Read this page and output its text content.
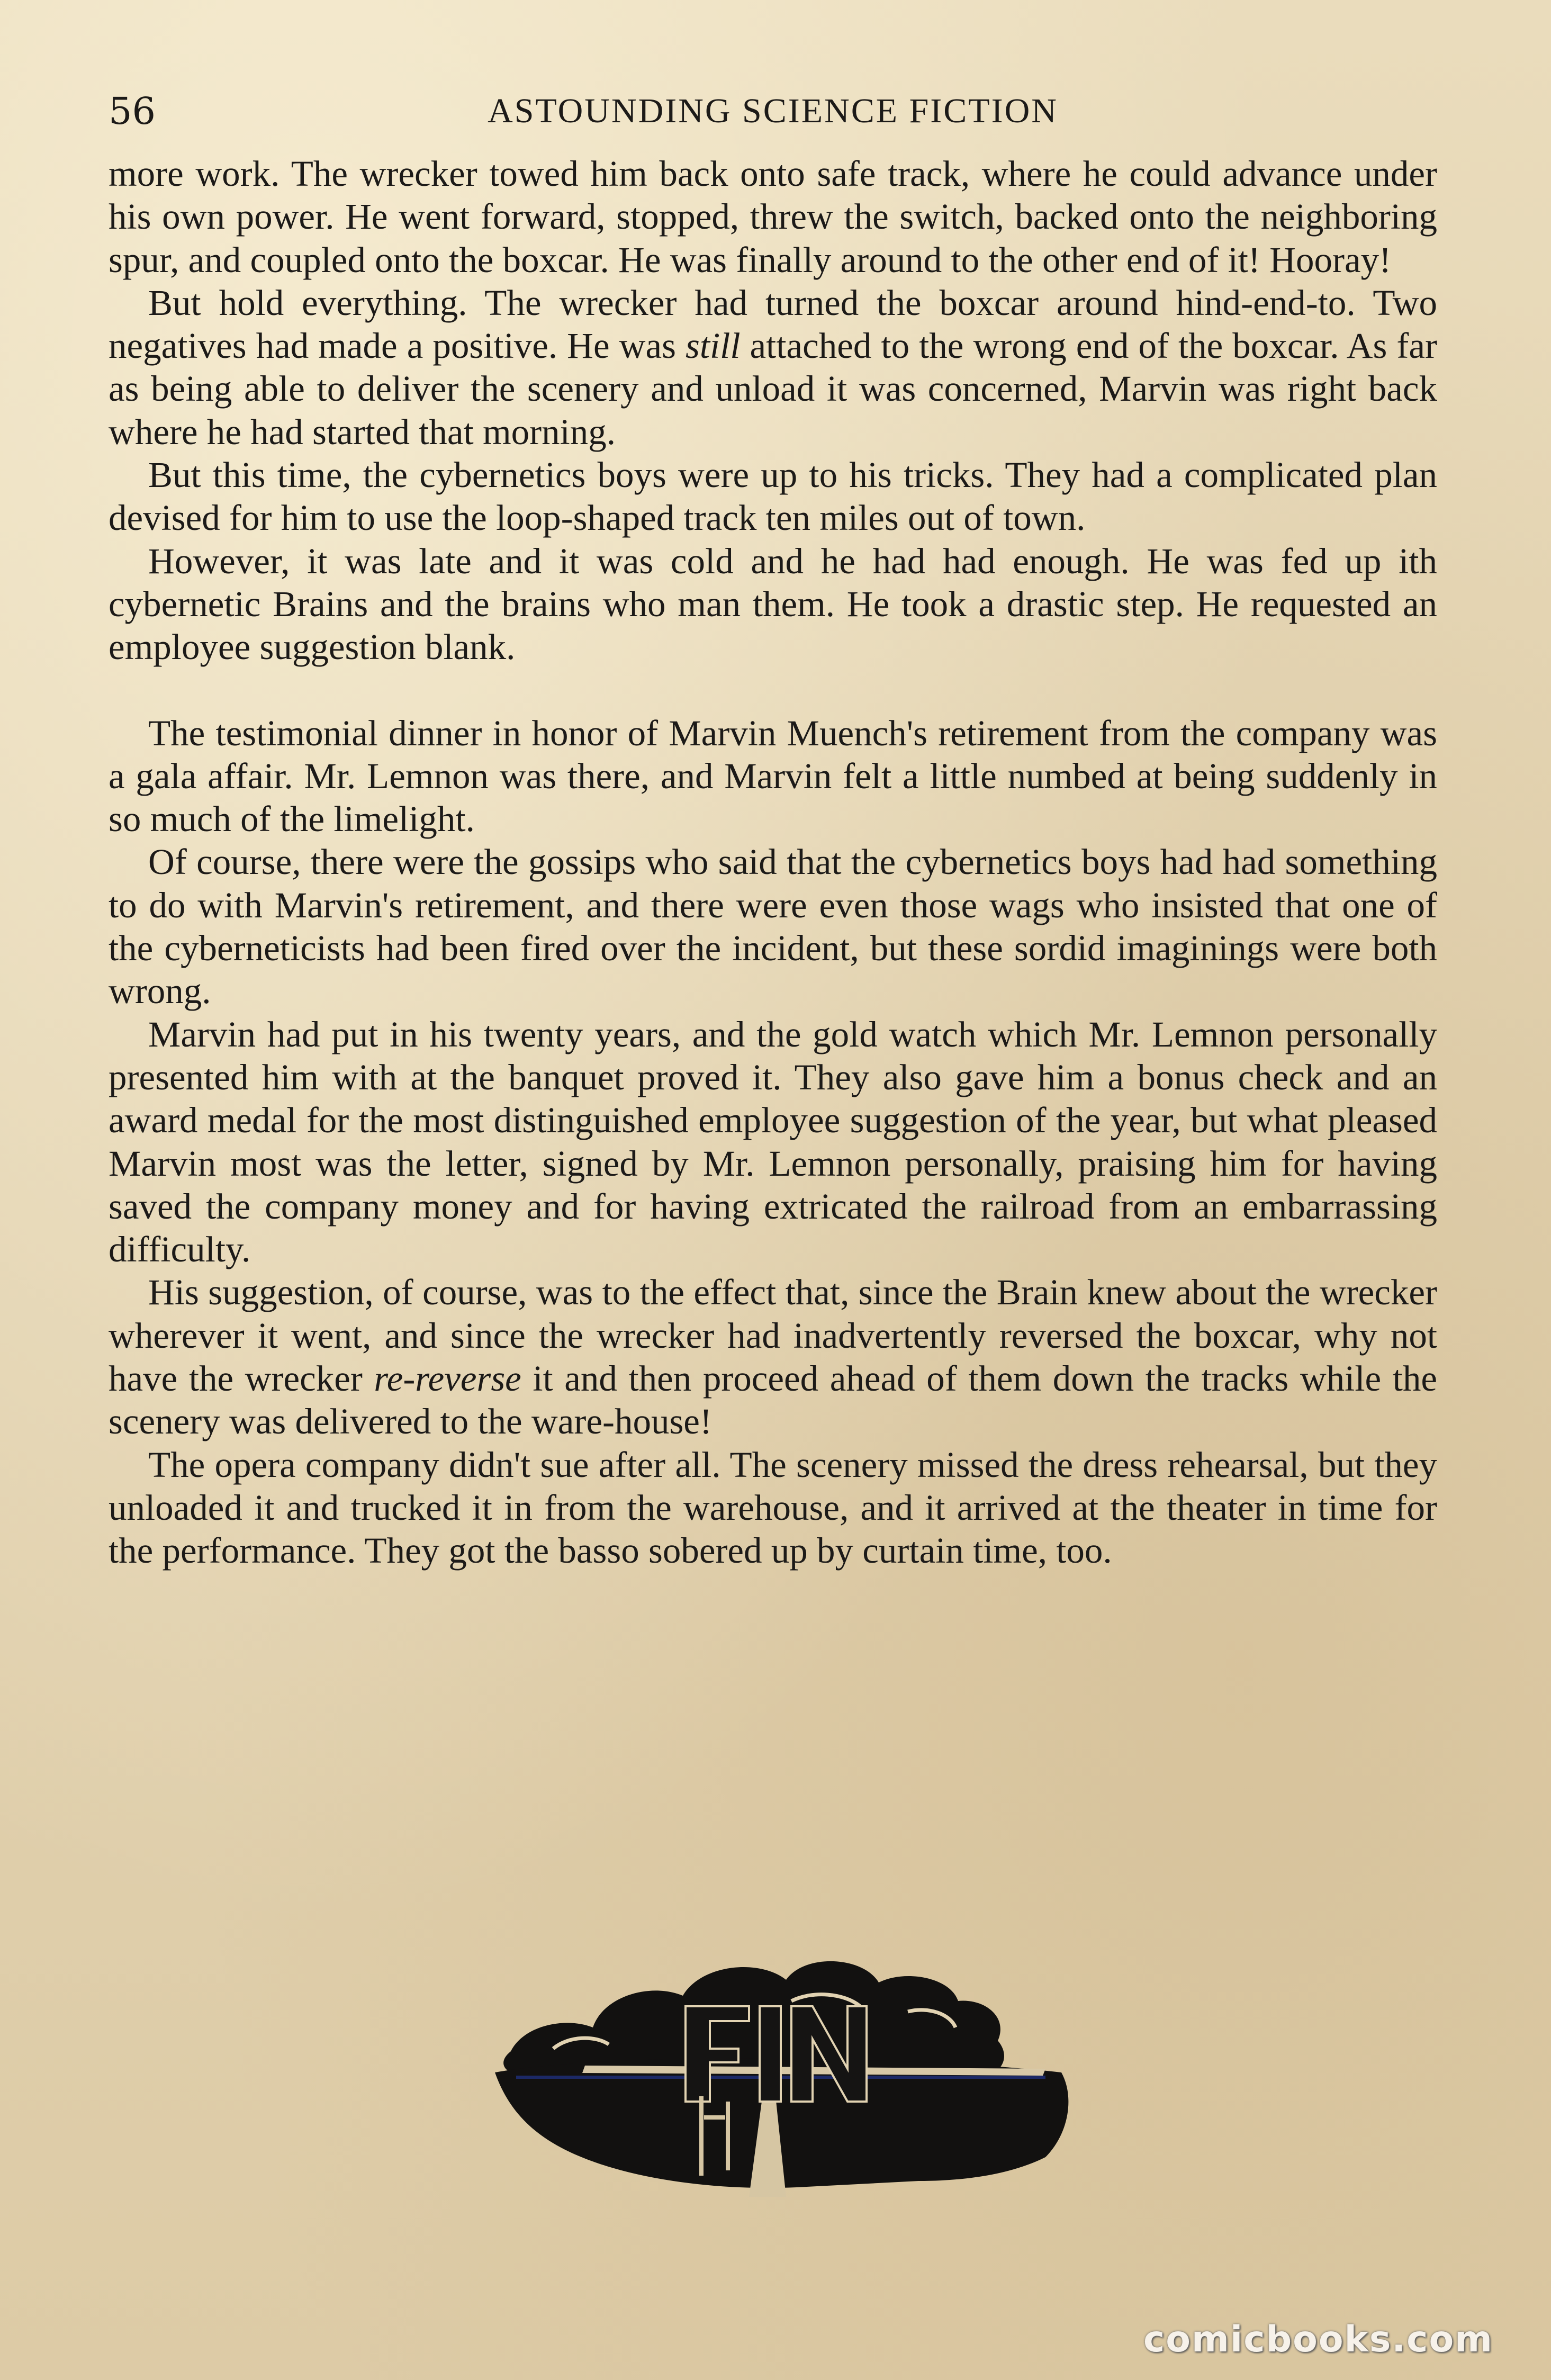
56	ASTOUNDING SCIENCE FICTION

more work. The wrecker towed him back onto safe track, where he could advance under his own power. He went forward, stopped, threw the switch, backed onto the neighboring spur, and coupled onto the boxcar. He was finally around to the other end of it! Hooray!

But hold everything. The wrecker had turned the boxcar around hind-end-to. Two negatives had made a positive. He was still attached to the wrong end of the boxcar. As far as being able to deliver the scenery and unload it was concerned, Marvin was right back where he had started that morning.

But this time, the cybernetics boys were up to his tricks. They had a complicated plan devised for him to use the loop-shaped track ten miles out of town.

However, it was late and it was cold and he had had enough. He was fed up ith cybernetic Brains and the brains who man them. He took a drastic step. He requested an employee suggestion blank.

The testimonial dinner in honor of Marvin Muench's retirement from the company was a gala affair. Mr. Lemnon was there, and Marvin felt a little numbed at being suddenly in so much of the limelight.

Of course, there were the gossips who said that the cybernetics boys had had something to do with Marvin's retirement, and there were even those wags who insisted that one of the cyberneticists had been fired over the incident, but these sordid imaginings were both wrong.

Marvin had put in his twenty years, and the gold watch which Mr. Lemnon personally presented him with at the banquet proved it. They also gave him a bonus check and an award medal for the most distinguished employee suggestion of the year, but what pleased Marvin most was the letter, signed by Mr. Lemnon personally, praising him for having saved the company money and for having extricated the railroad from an embarrassing difficulty.

His suggestion, of course, was to the effect that, since the Brain knew about the wrecker wherever it went, and since the wrecker had inadvertently reversed the boxcar, why not have the wrecker re-reverse it and then proceed ahead of them down the tracks while the scenery was delivered to the ware-house!

The opera company didn't sue after all. The scenery missed the dress rehearsal, but they unloaded it and trucked it in from the warehouse, and it arrived at the theater in time for the performance. They got the basso sobered up by curtain time, too.

comicbooks.com
